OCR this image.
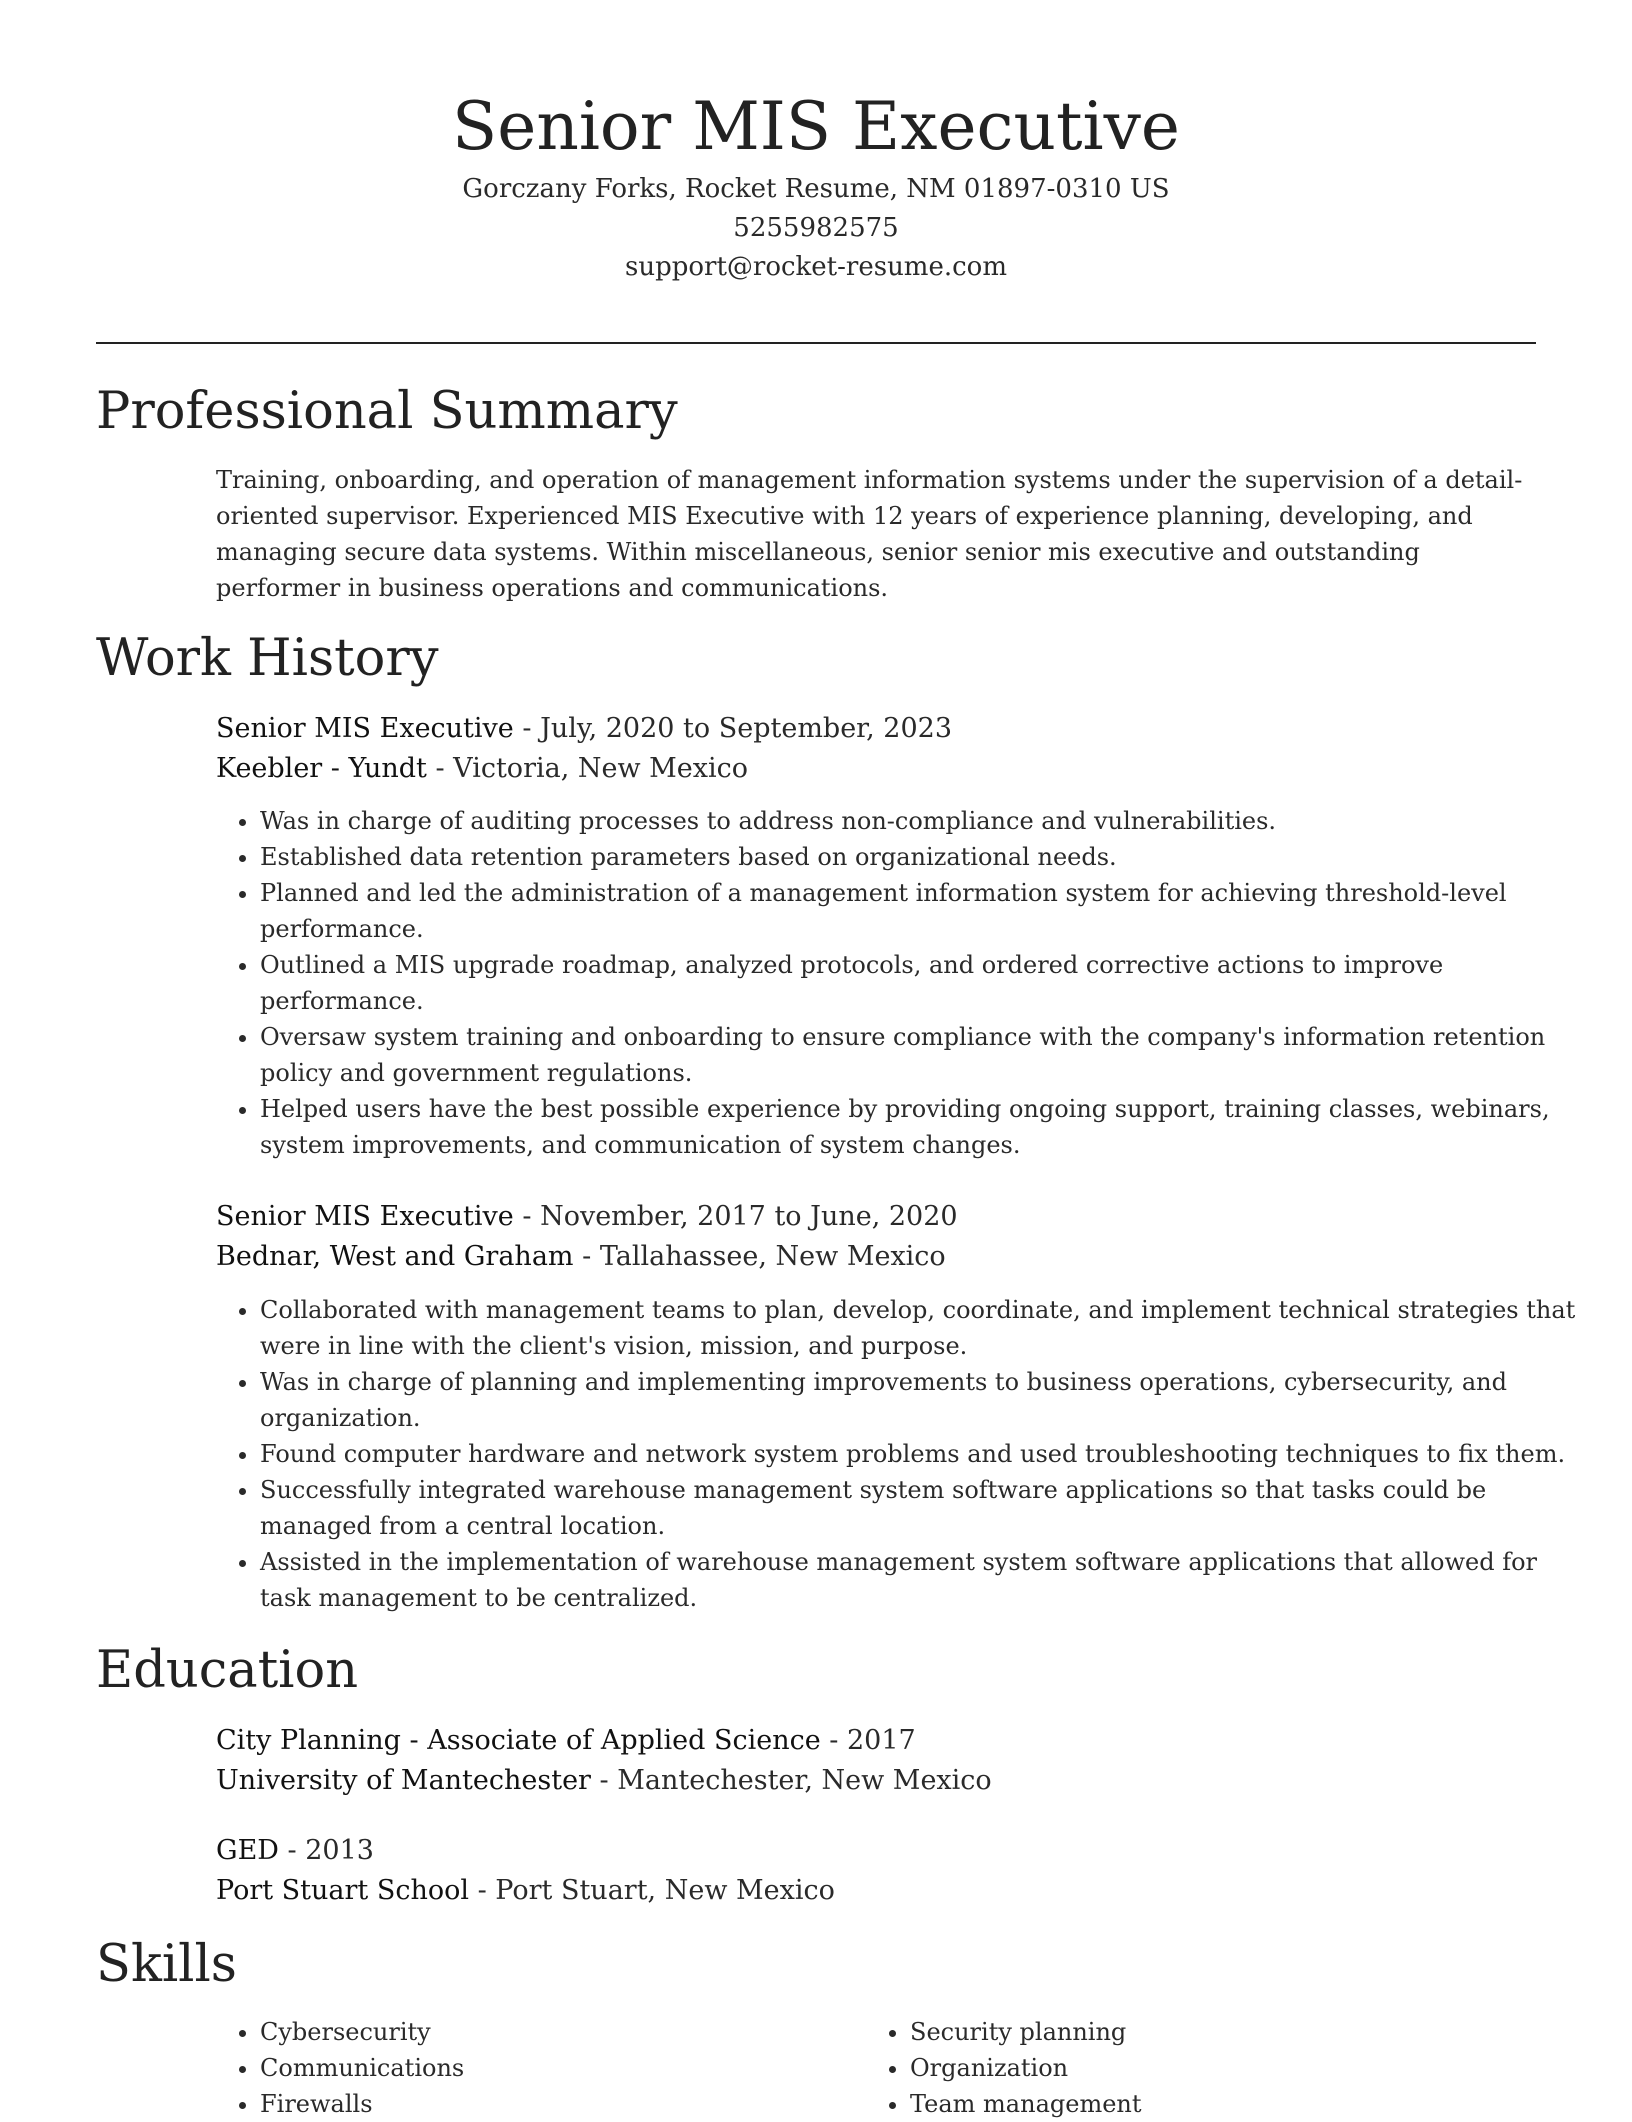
Senior MIS Executive
Gorczany Forks, Rocket Resume, NM 01897-0310 US
5255982575
support@rocket-resume.com
Professional Summary

Training, onboarding, and operation of management information systems under the supervision of a detail-oriented supervisor. Experienced MIS Executive with 12 years of experience planning, developing, and managing secure data systems. Within miscellaneous, senior senior mis executive and outstanding performer in business operations and communications.

Work History
Senior MIS Executive - July, 2020 to September, 2023
Keebler - Yundt - Victoria, New Mexico
• Was in charge of auditing processes to address non-compliance and vulnerabilities.
• Established data retention parameters based on organizational needs.
• Planned and led the administration of a management information system for achieving threshold-level performance.
• Outlined a MIS upgrade roadmap, analyzed protocols, and ordered corrective actions to improve performance.
• Oversaw system training and onboarding to ensure compliance with the company's information retention policy and government regulations.
• Helped users have the best possible experience by providing ongoing support, training classes, webinars, system improvements, and communication of system changes.
Senior MIS Executive - November, 2017 to June, 2020
Bednar, West and Graham - Tallahassee, New Mexico
• Collaborated with management teams to plan, develop, coordinate, and implement technical strategies that were in line with the client's vision, mission, and purpose.
• Was in charge of planning and implementing improvements to business operations, cybersecurity, and organization.
• Found computer hardware and network system problems and used troubleshooting techniques to fix them.
• Successfully integrated warehouse management system software applications so that tasks could be managed from a central location.
• Assisted in the implementation of warehouse management system software applications that allowed for task management to be centralized.
Education
City Planning - Associate of Applied Science - 2017
University of Mantechester - Mantechester, New Mexico
GED - 2013
Port Stuart School - Port Stuart, New Mexico
Skills
• Cybersecurity
• Communications
• Firewalls
• Security planning
• Organization
• Team management
